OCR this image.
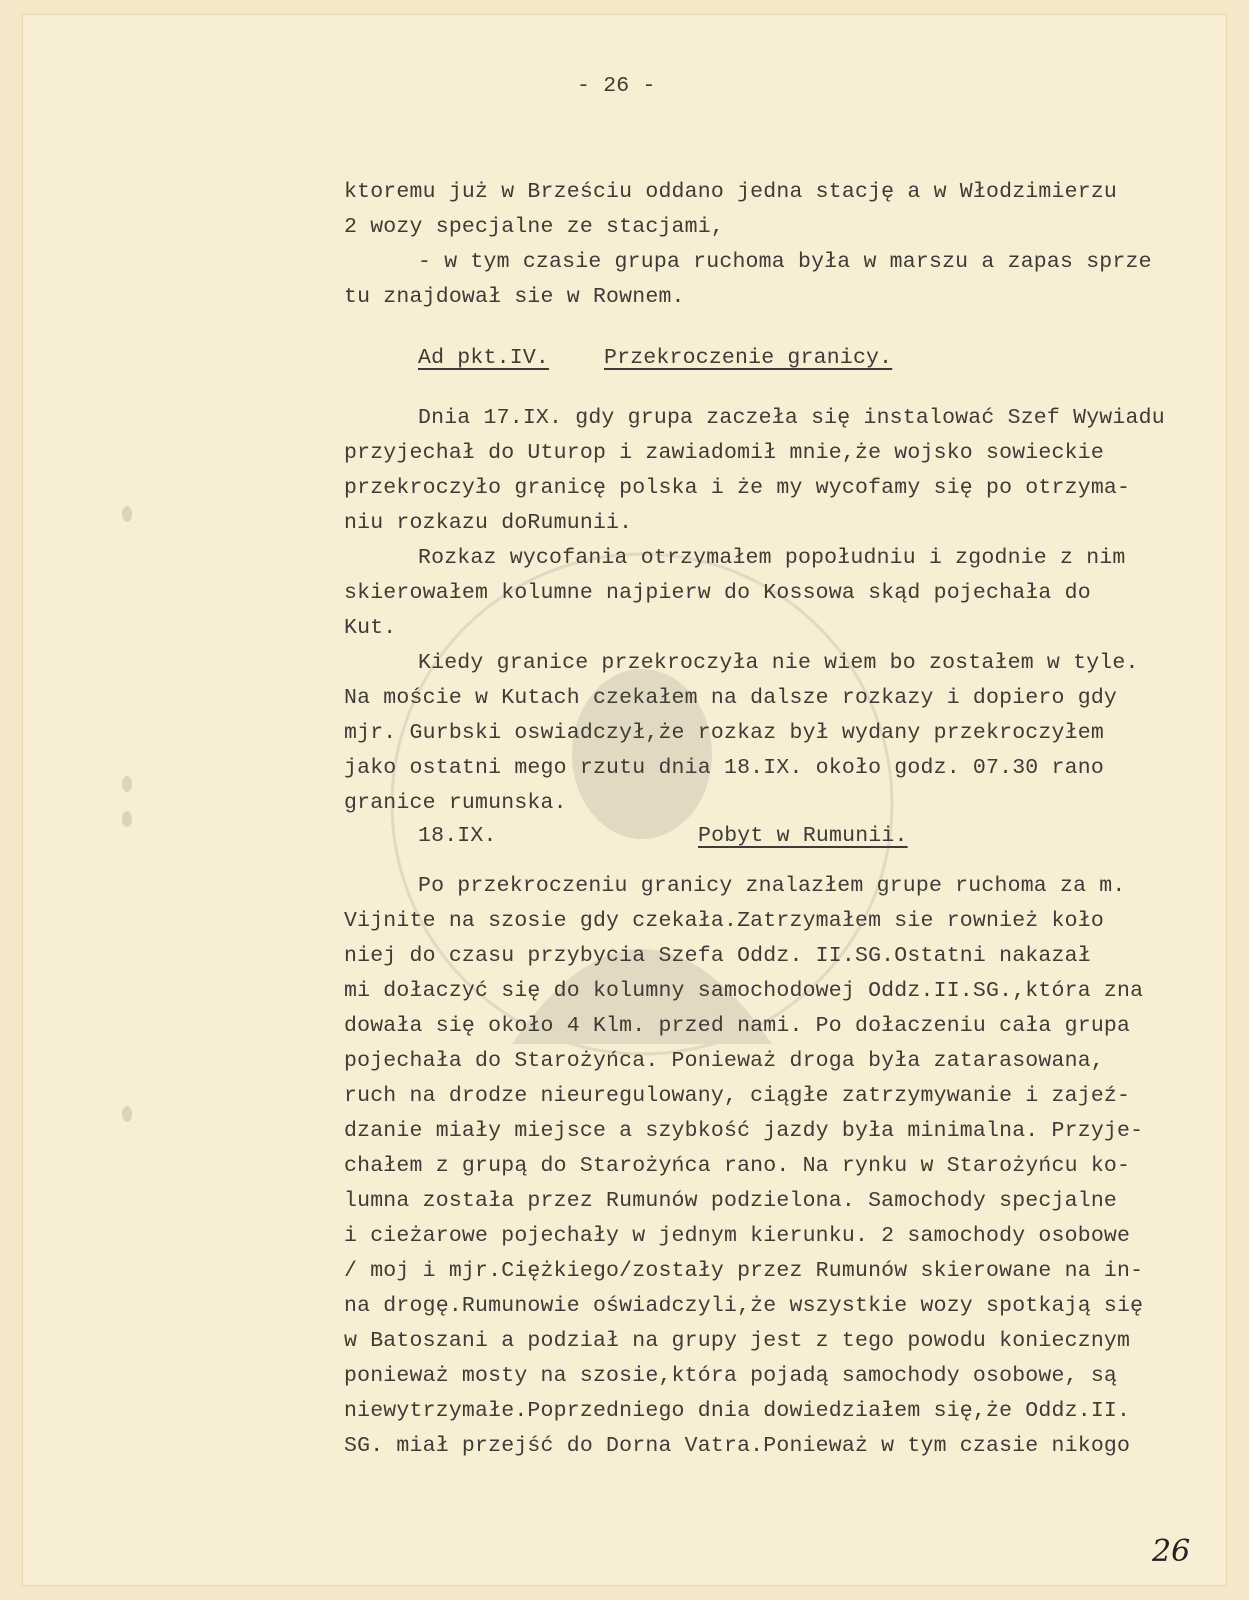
- 26 -
ktoremu już w Brześciu oddano jedna stację a w Włodzimierzu
2 wozy specjalne ze stacjami,
- w tym czasie grupa ruchoma była w marszu a zapas sprze
tu znajdował sie w Rownem.
Ad pkt.IV.	Przekroczenie granicy.
Dnia 17.IX. gdy grupa zaczeła się instalować Szef Wywiadu
przyjechał do Uturop i zawiadomił mnie,że wojsko sowieckie
przekroczyło granicę polska i że my wycofamy się po otrzyma-
niu rozkazu doRumunii.
Rozkaz wycofania otrzymałem popołudniu i zgodnie z nim
skierowałem kolumne najpierw do Kossowa skąd pojechała do
Kut.
Kiedy granice przekroczyła nie wiem bo zostałem w tyle.
Na moście w Kutach czekałem na dalsze rozkazy i dopiero gdy
mjr. Gurbski oswiadczył,że rozkaz był wydany przekroczyłem
jako ostatni mego rzutu dnia 18.IX. około godz. 07.30 rano
granice rumunska.
18.IX.	Pobyt w Rumunii.
Po przekroczeniu granicy znalazłem grupe ruchoma za m.
Vijnite na szosie gdy czekała.Zatrzymałem sie rownież koło
niej do czasu przybycia Szefa Oddz. II.SG.Ostatni nakazał
mi dołaczyć się do kolumny samochodowej Oddz.II.SG.,która zna
dowała się około 4 Klm. przed nami. Po dołaczeniu cała grupa
pojechała do Starożyńca. Ponieważ droga była zatarasowana,
ruch na drodze nieuregulowany, ciągłe zatrzymywanie i zajeź-
dzanie miały miejsce a szybkość jazdy była minimalna. Przyje-
chałem z grupą do Starożyńca rano. Na rynku w Starożyńcu ko-
lumna została przez Rumunów podzielona. Samochody specjalne
i cieżarowe pojechały w jednym kierunku. 2 samochody osobowe
/ moj i mjr.Ciężkiego/zostały przez Rumunów skierowane na in-
na drogę.Rumunowie oświadczyli,że wszystkie wozy spotkają się
w Batoszani a podział na grupy jest z tego powodu koniecznym
ponieważ mosty na szosie,która pojadą samochody osobowe, są
niewytrzymałe.Poprzedniego dnia dowiedziałem się,że Oddz.II.
SG. miał przejść do Dorna Vatra.Ponieważ w tym czasie nikogo
26
